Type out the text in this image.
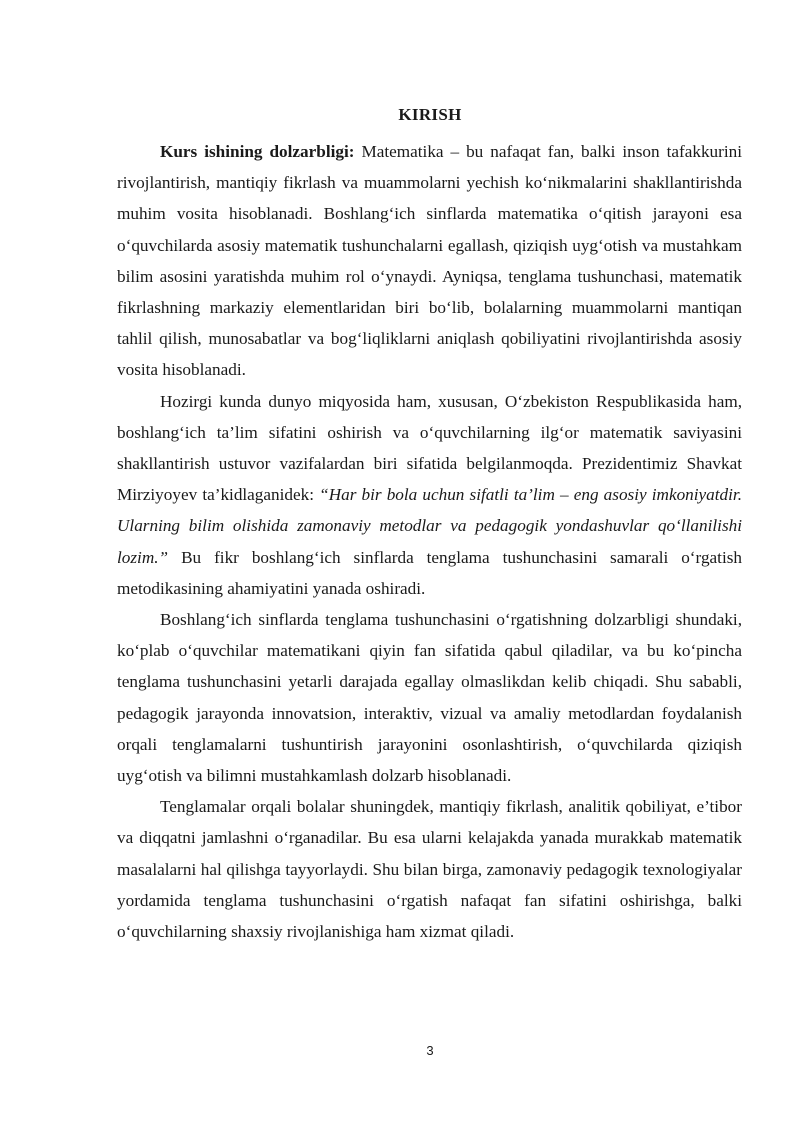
KIRISH

Kurs ishining dolzarbligi: Matematika – bu nafaqat fan, balki inson tafakkurini rivojlantirish, mantiqiy fikrlash va muammolarni yechish ko‘nikmalarini shakllantirishda muhim vosita hisoblanadi. Boshlang‘ich sinflarda matematika o‘qitish jarayoni esa o‘quvchilarda asosiy matematik tushunchalarni egallash, qiziqish uyg‘otish va mustahkam bilim asosini yaratishda muhim rol o‘ynaydi. Ayniqsa, tenglama tushunchasi, matematik fikrlashning markaziy elementlaridan biri bo‘lib, bolalarning muammolarni mantiqan tahlil qilish, munosabatlar va bog‘liqliklarni aniqlash qobiliyatini rivojlantirishda asosiy vosita hisoblanadi.

Hozirgi kunda dunyo miqyosida ham, xususan, O‘zbekiston Respublikasida ham, boshlang‘ich ta’lim sifatini oshirish va o‘quvchilarning ilg‘or matematik saviyasini shakllantirish ustuvor vazifalardan biri sifatida belgilanmoqda. Prezidentimiz Shavkat Mirziyoyev ta’kidlaganidek: “Har bir bola uchun sifatli ta’lim – eng asosiy imkoniyatdir. Ularning bilim olishida zamonaviy metodlar va pedagogik yondashuvlar qo‘llanilishi lozim.” Bu fikr boshlang‘ich sinflarda tenglama tushunchasini samarali o‘rgatish metodikasining ahamiyatini yanada oshiradi.

Boshlang‘ich sinflarda tenglama tushunchasini o‘rgatishning dolzarbligi shundaki, ko‘plab o‘quvchilar matematikani qiyin fan sifatida qabul qiladilar, va bu ko‘pincha tenglama tushunchasini yetarli darajada egallay olmaslikdan kelib chiqadi. Shu sababli, pedagogik jarayonda innovatsion, interaktiv, vizual va amaliy metodlardan foydalanish orqali tenglamalarni tushuntirish jarayonini osonlashtirish, o‘quvchilarda qiziqish uyg‘otish va bilimni mustahkamlash dolzarb hisoblanadi.

Tenglamalar orqali bolalar shuningdek, mantiqiy fikrlash, analitik qobiliyat, e’tibor va diqqatni jamlashni o‘rganadilar. Bu esa ularni kelajakda yanada murakkab matematik masalalarni hal qilishga tayyorlaydi. Shu bilan birga, zamonaviy pedagogik texnologiyalar yordamida tenglama tushunchasini o‘rgatish nafaqat fan sifatini oshirishga, balki o‘quvchilarning shaxsiy rivojlanishiga ham xizmat qiladi.

3
